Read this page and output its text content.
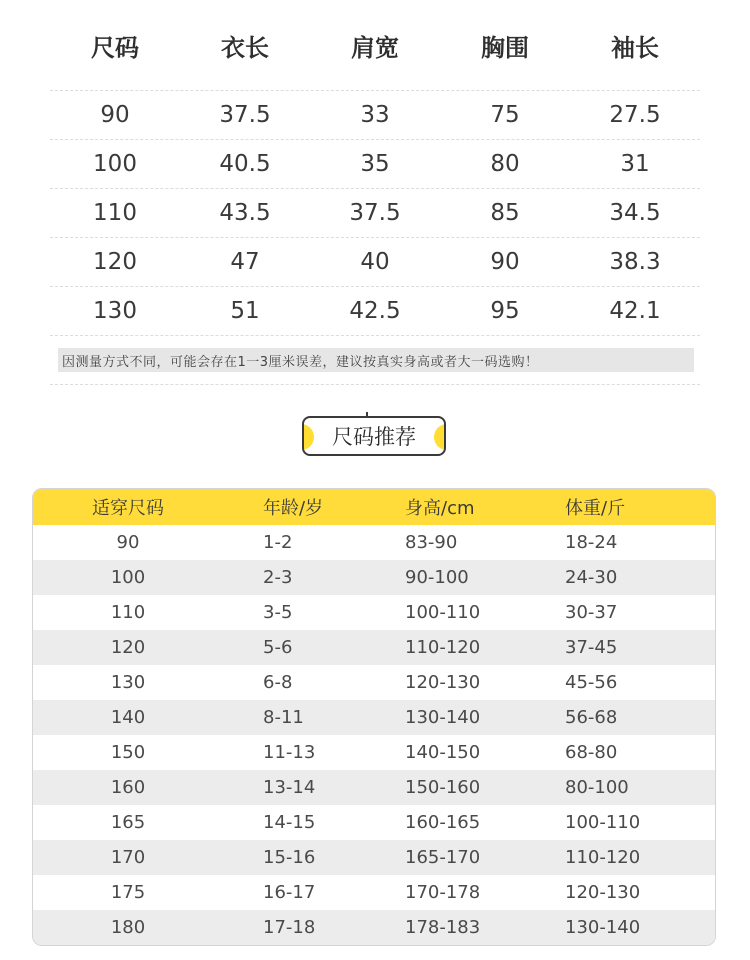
尺码	衣长	肩宽	胸围	袖长
90	37.5	33	75	27.5
100	40.5	35	80	31
110	43.5	37.5	85	34.5
120	47	40	90	38.3
130	51	42.5	95	42.1
因测量方式不同，可能会存在1一3厘米误差，建议按真实身高或者大一码选购！
尺码推荐
适穿尺码	年龄/岁	身高/cm	体重/斤
90	1-2	83-90	18-24
100	2-3	90-100	24-30
110	3-5	100-110	30-37
120	5-6	110-120	37-45
130	6-8	120-130	45-56
140	8-11	130-140	56-68
150	11-13	140-150	68-80
160	13-14	150-160	80-100
165	14-15	160-165	100-110
170	15-16	165-170	110-120
175	16-17	170-178	120-130
180	17-18	178-183	130-140
